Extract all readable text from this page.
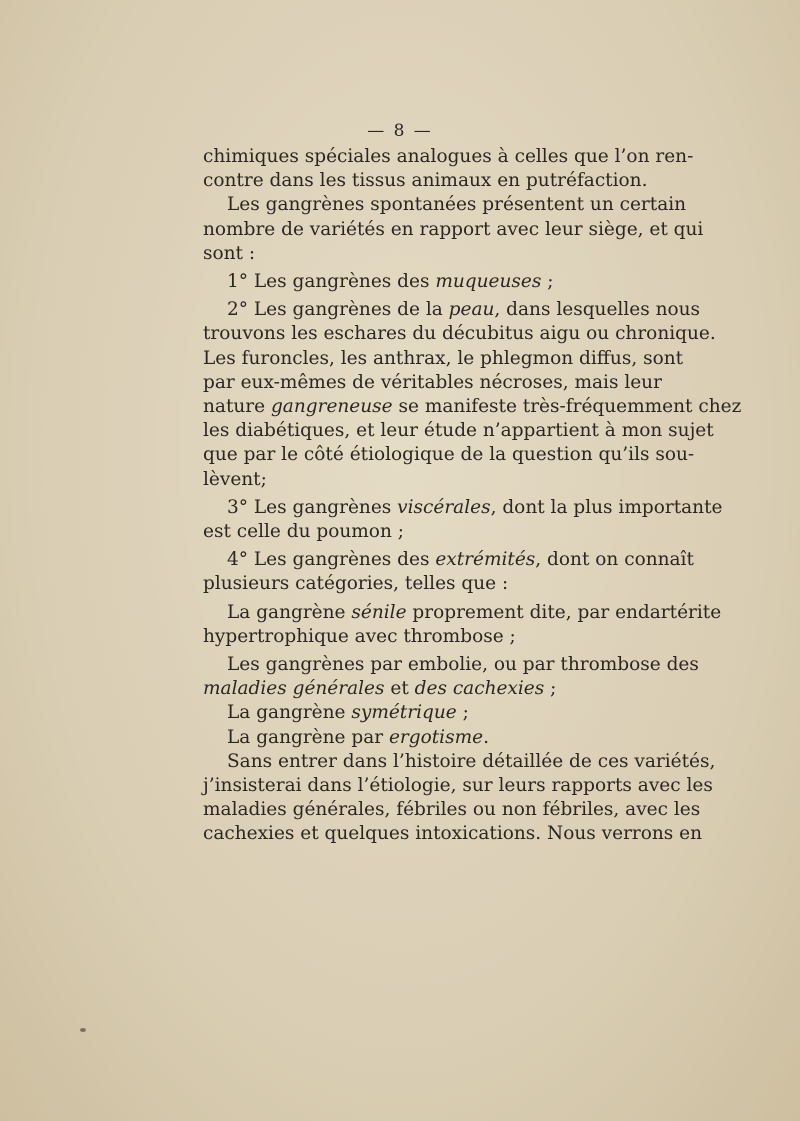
— 8 —
chimiques spéciales analogues à celles que l’on ren-
contre dans les tissus animaux en putréfaction.
Les gangrènes spontanées présentent un certain
nombre de variétés en rapport avec leur siège, et qui
sont :
1° Les gangrènes des muqueuses ;
2° Les gangrènes de la peau, dans lesquelles nous
trouvons les eschares du décubitus aigu ou chronique.
Les furoncles, les anthrax, le phlegmon diffus, sont
par eux-mêmes de véritables nécroses, mais leur
nature gangreneuse se manifeste très-fréquemment chez
les diabétiques, et leur étude n’appartient à mon sujet
que par le côté étiologique de la question qu’ils sou-
lèvent;
3° Les gangrènes viscérales, dont la plus importante
est celle du poumon ;
4° Les gangrènes des extrémités, dont on connaît
plusieurs catégories, telles que :
La gangrène sénile proprement dite, par endartérite
hypertrophique avec thrombose ;
Les gangrènes par embolie, ou par thrombose des
maladies générales et des cachexies ;
La gangrène symétrique ;
La gangrène par ergotisme.
Sans entrer dans l’histoire détaillée de ces variétés,
j’insisterai dans l’étiologie, sur leurs rapports avec les
maladies générales, fébriles ou non fébriles, avec les
cachexies et quelques intoxications. Nous verrons en
